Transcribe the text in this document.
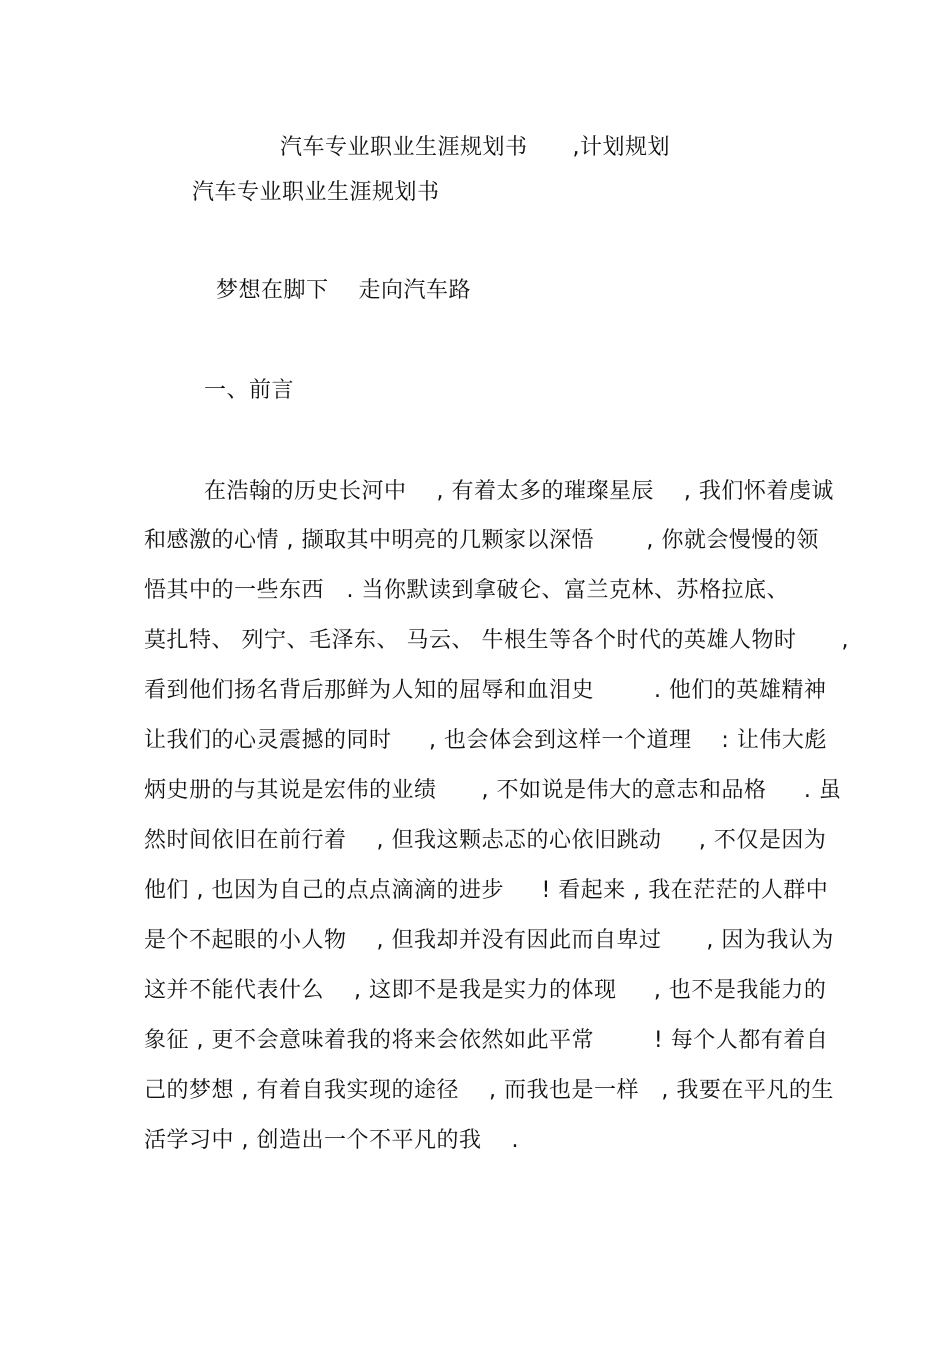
汽车专业职业生涯规划书      ,计划规划
汽车专业职业生涯规划书
梦想在脚下    走向汽车路
一、前言
在浩翰的历史长河中    , 有着太多的璀璨星辰    , 我们怀着虔诚
和感激的心情 , 撷取其中明亮的几颗家以深悟       , 你就会慢慢的领
悟其中的一些东西   . 当你默读到拿破仑、富兰克林、苏格拉底、
莫扎特、 列宁、毛泽东、 马云、 牛根生等各个时代的英雄人物时      ,
看到他们扬名背后那鲜为人知的屈辱和血泪史        . 他们的英雄精神
让我们的心灵震撼的同时     , 也会体会到这样一个道理    : 让伟大彪
炳史册的与其说是宏伟的业绩      , 不如说是伟大的意志和品格     . 虽
然时间依旧在前行着    , 但我这颗忐忑的心依旧跳动     , 不仅是因为
他们 , 也因为自己的点点滴滴的进步     ! 看起来 , 我在茫茫的人群中
是个不起眼的小人物    , 但我却并没有因此而自卑过      , 因为我认为
这并不能代表什么    , 这即不是我是实力的体现     , 也不是我能力的
象征 , 更不会意味着我的将来会依然如此平常        ! 每个人都有着自
己的梦想 , 有着自我实现的途径    , 而我也是一样   , 我要在平凡的生
活学习中 , 创造出一个不平凡的我    .
